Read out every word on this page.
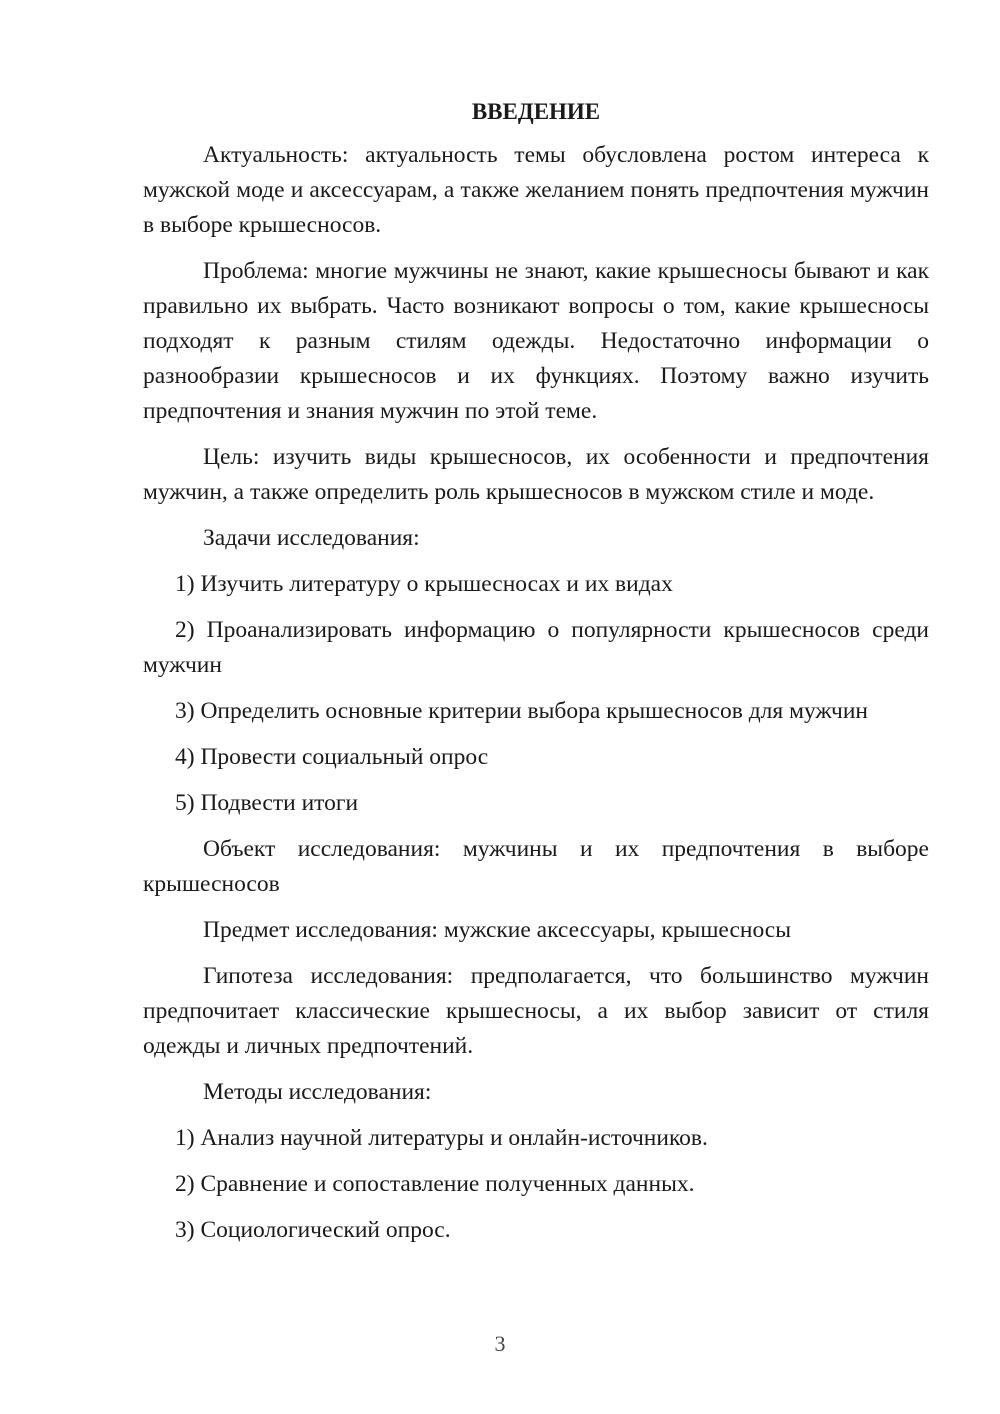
ВВЕДЕНИЕ

Актуальность: актуальность темы обусловлена ростом интереса к мужской моде и аксессуарам, а также желанием понять предпочтения мужчин в выборе крышесносов.

Проблема: многие мужчины не знают, какие крышесносы бывают и как правильно их выбрать. Часто возникают вопросы о том, какие крышесносы подходят к разным стилям одежды. Недостаточно информации о разнообразии крышесносов и их функциях. Поэтому важно изучить предпочтения и знания мужчин по этой теме.

Цель: изучить виды крышесносов, их особенности и предпочтения мужчин, а также определить роль крышесносов в мужском стиле и моде.

Задачи исследования:

1) Изучить литературу о крышесносах и их видах

2) Проанализировать информацию о популярности крышесносов среди мужчин

3) Определить основные критерии выбора крышесносов для мужчин

4) Провести социальный опрос

5) Подвести итоги

Объект исследования: мужчины и их предпочтения в выборе крышесносов

Предмет исследования: мужские аксессуары, крышесносы

Гипотеза исследования: предполагается, что большинство мужчин предпочитает классические крышесносы, а их выбор зависит от стиля одежды и личных предпочтений.

Методы исследования:

1) Анализ научной литературы и онлайн-источников.

2) Сравнение и сопоставление полученных данных.

3) Социологический опрос.

3
